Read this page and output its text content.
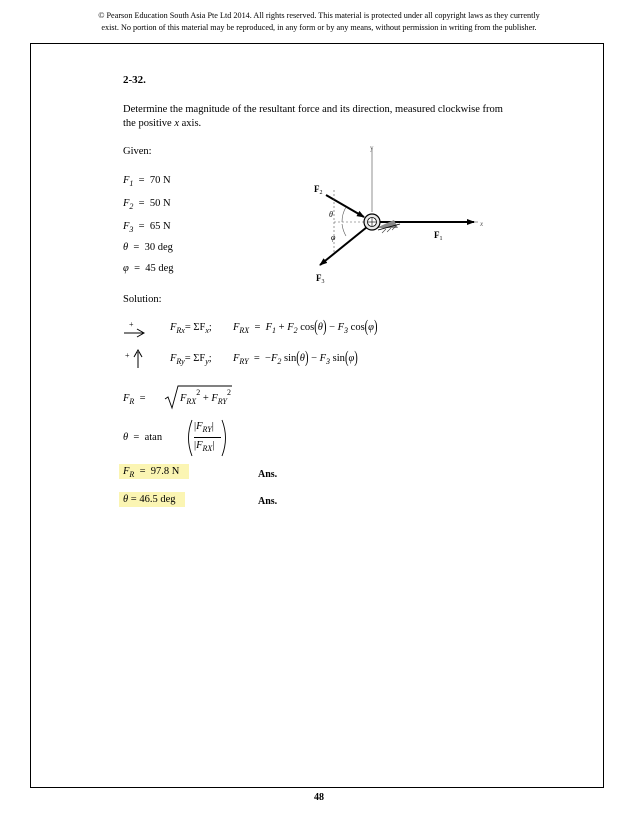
© Pearson Education South Asia Pte Ltd 2014. All rights reserved. This material is protected under all copyright laws as they currently
exist. No portion of this material may be reproduced, in any form or by any means, without permission in writing from the publisher.
2-32.
Determine the magnitude of the resultant force and its direction, measured clockwise from
the positive x axis.
Given:
$F_1 = 70$ N
$F_2 = 50$ N
$F_3 = 65$ N
θ  =  30 deg
φ  =  45 deg
y
x
$F_1$
$F_2$
$F_3$
θ
φ
Solution:
+	$F_{Rx}= \Sigma F_x$; $F_{RX} = F_1 + F_2$ $\cos(\theta) - F_3$ cos(φ)
+	$F_{Ry}= \Sigma F_y$; $F_{RY} = -F_2$ $\sin(\theta) - F_3$ sin(φ)
$F_R$  =	$F_{RX}^2 + F_{RY}^2$
θ  =  atan
$|F_{RY}|$
$|F_{RX}|$
$F_R = 97.8$ N	Ans.
θ = 46.5 deg	Ans.
48
